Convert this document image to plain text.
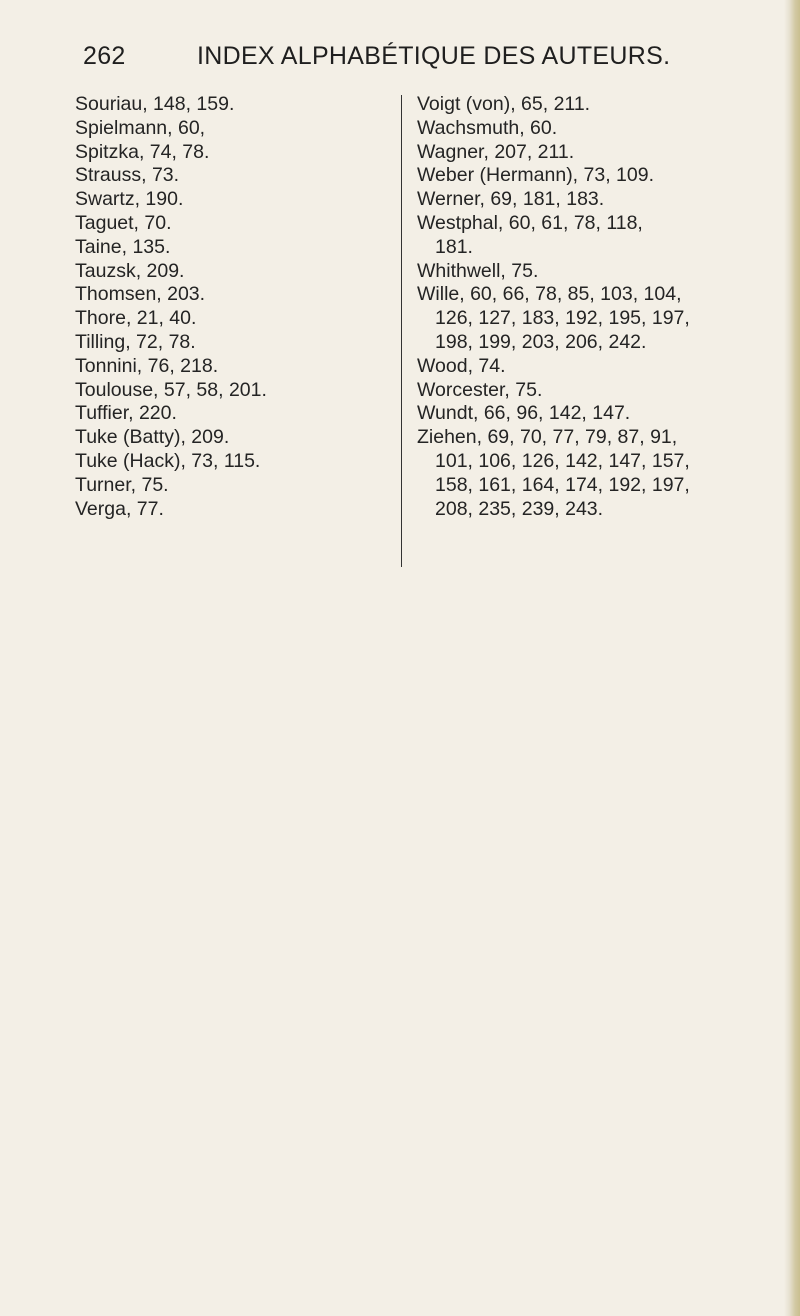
262	INDEX ALPHABÉTIQUE DES AUTEURS.
Souriau, 148, 159.
Spielmann, 60,
Spitzka, 74, 78.
Strauss, 73.
Swartz, 190.
Taguet, 70.
Taine, 135.
Tauzsk, 209.
Thomsen, 203.
Thore, 21, 40.
Tilling, 72, 78.
Tonnini, 76, 218.
Toulouse, 57, 58, 201.
Tuffier, 220.
Tuke (Batty), 209.
Tuke (Hack), 73, 115.
Turner, 75.
Verga, 77.
Voigt (von), 65, 211.
Wachsmuth, 60.
Wagner, 207, 211.
Weber (Hermann), 73, 109.
Werner, 69, 181, 183.
Westphal, 60, 61, 78, 118,
181.
Whithwell, 75.
Wille, 60, 66, 78, 85, 103, 104,
126, 127, 183, 192, 195, 197,
198, 199, 203, 206, 242.
Wood, 74.
Worcester, 75.
Wundt, 66, 96, 142, 147.
Ziehen, 69, 70, 77, 79, 87, 91,
101, 106, 126, 142, 147, 157,
158, 161, 164, 174, 192, 197,
208, 235, 239, 243.
